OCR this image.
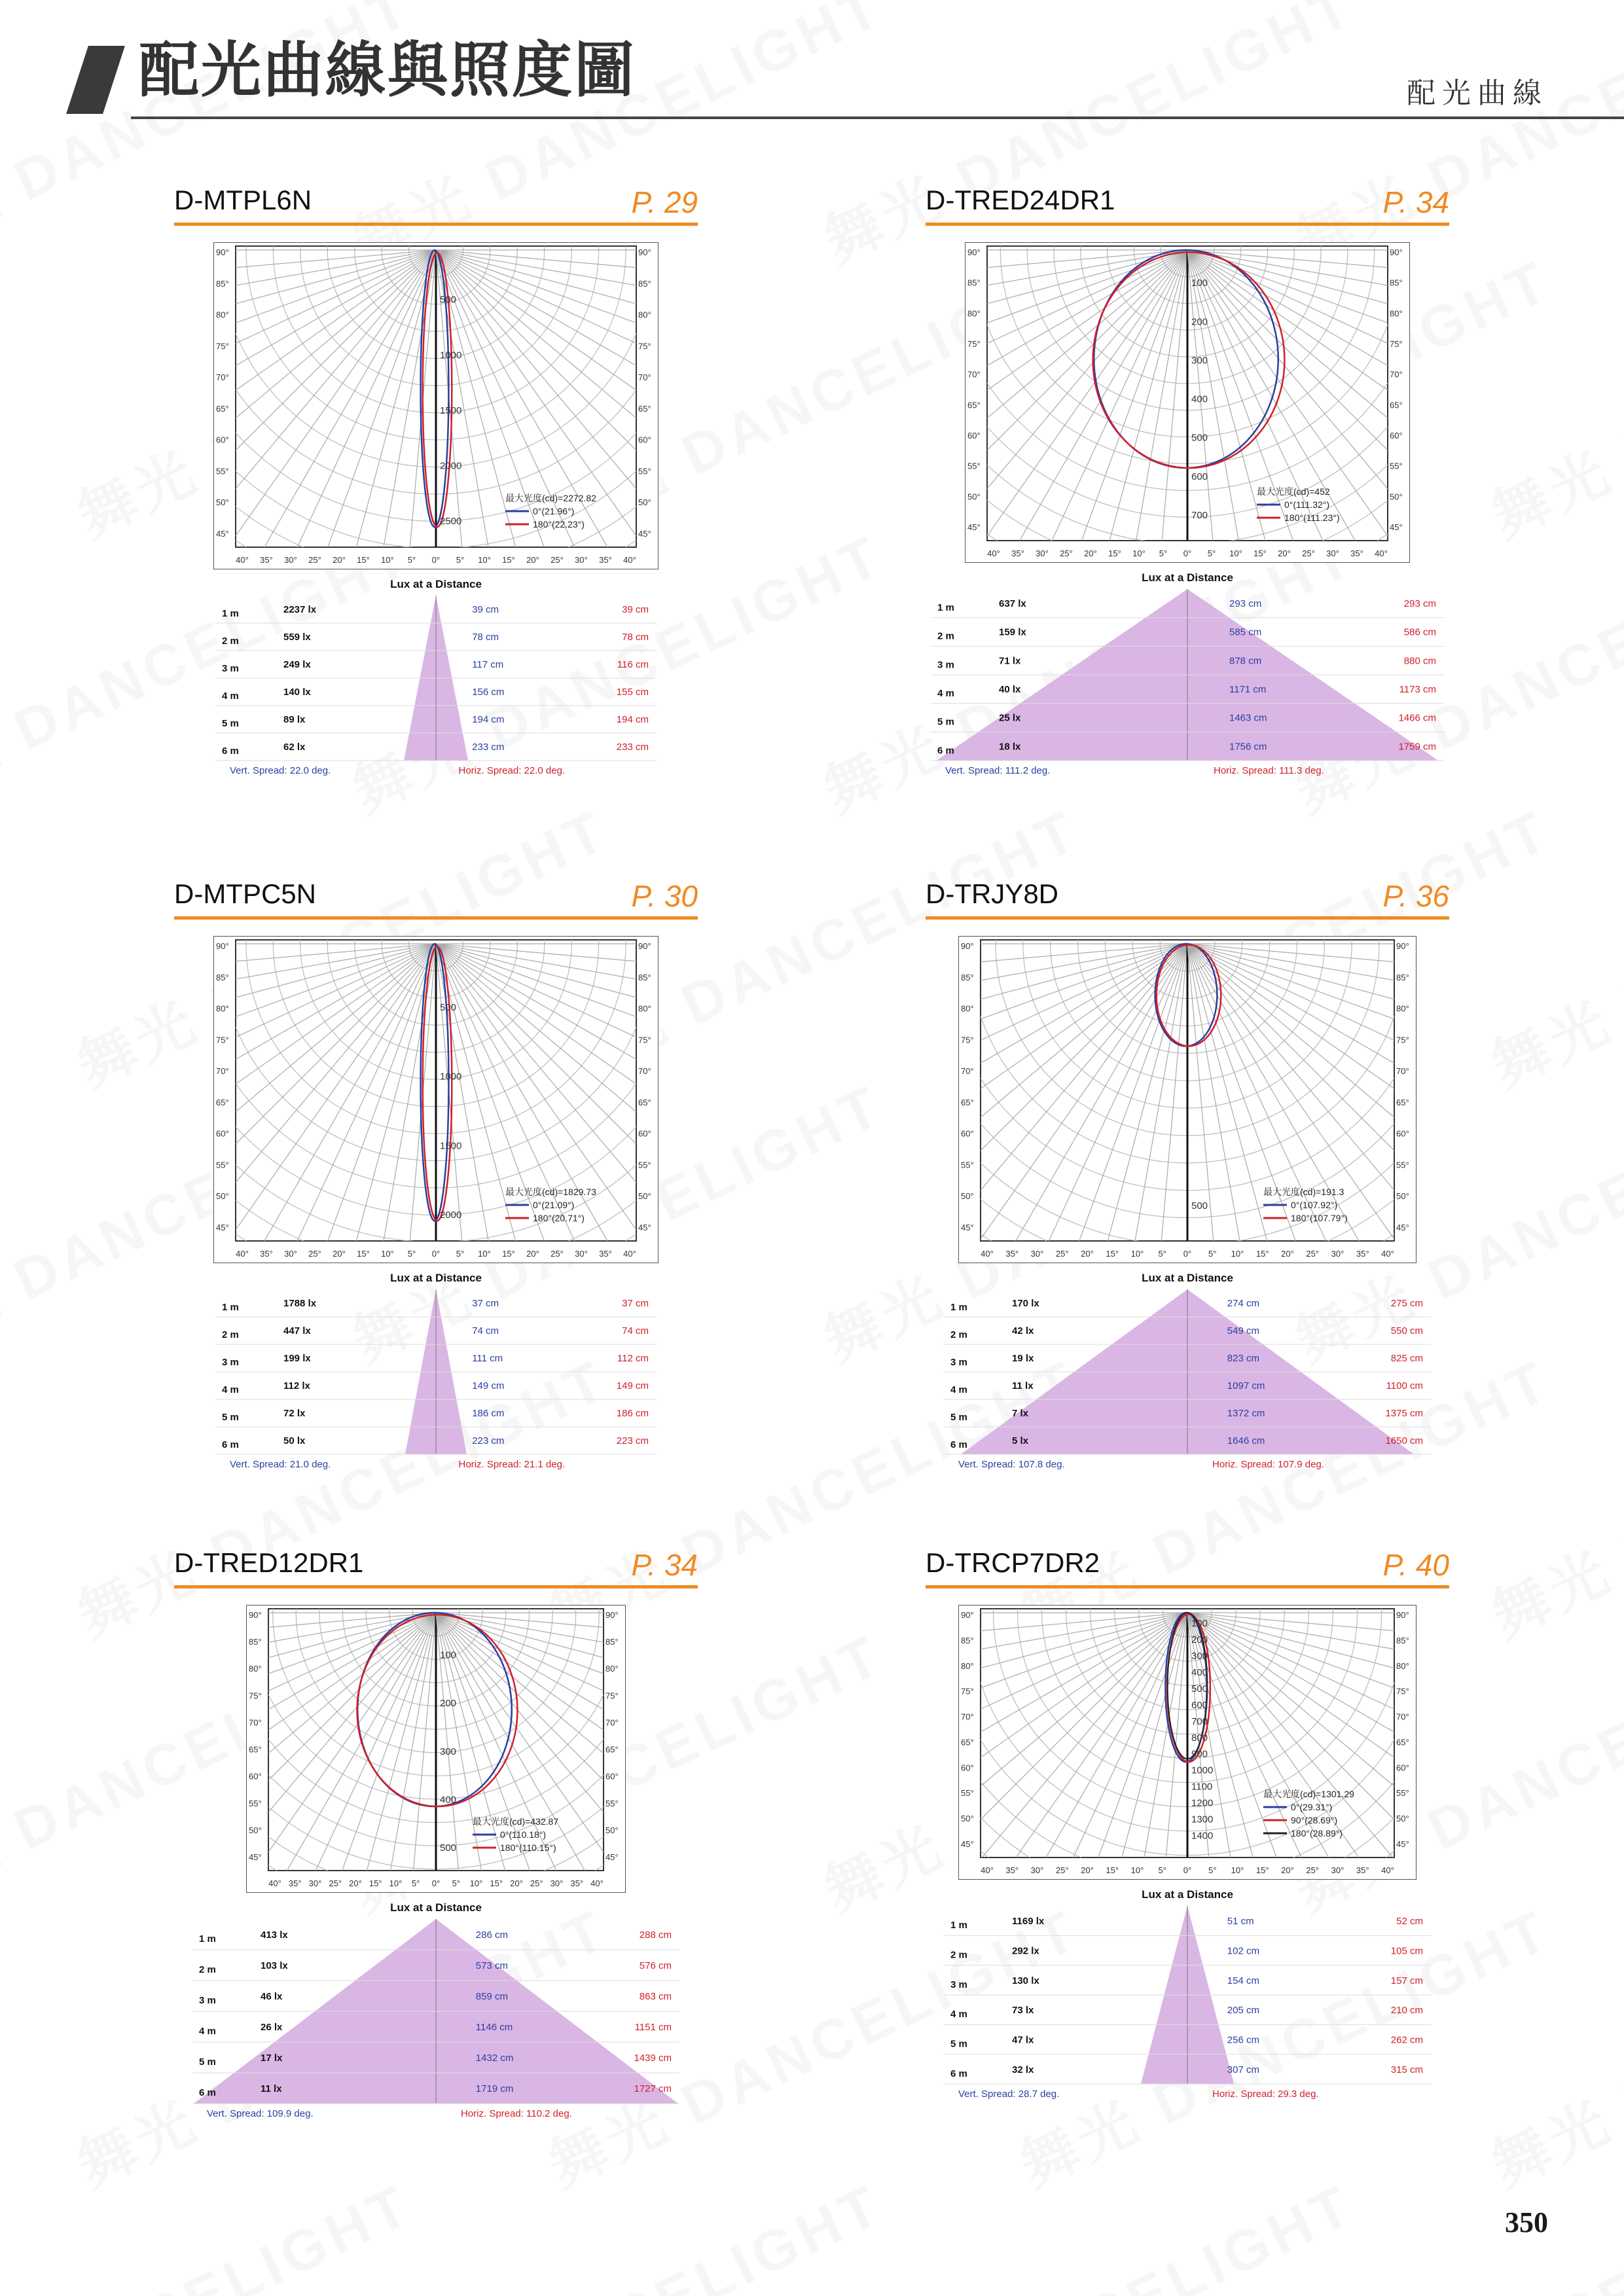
配光曲線與照度圖	配光曲線
D-MTPL6N	P. 29
500
1000
1500
2000
2500
90°	90°
85°	85°
80°	80°
75°	75°
70°	70°
65°	65°
60°	60°
55°	55°
50°	50°
45°	45°
40° 35° 30° 25° 20° 15° 10° 5° 0° 5° 10° 15° 20° 25° 30° 35° 40°
最大光度(cd)=2272.82
0°(21.96°)
180°(22.23°)
Lux at a Distance
1 m	2237 lx	39 cm	39 cm
2 m	559 lx	78 cm	78 cm
3 m	249 lx	117 cm	116 cm
4 m	140 lx	156 cm	155 cm
5 m	89 lx	194 cm	194 cm
6 m	62 lx	233 cm	233 cm
Vert. Spread: 22.0 deg.	Horiz. Spread: 22.0 deg.
D-TRED24DR1	P. 34
100
200
300
400
500
600
700
90°	90°
85°	85°
80°	80°
75°	75°
70°	70°
65°	65°
60°	60°
55°	55°
50°	50°
45°	45°
40° 35° 30° 25° 20° 15° 10° 5° 0° 5° 10° 15° 20° 25° 30° 35° 40°
最大光度(cd)=452
0°(111.32°)
180°(111.23°)
Lux at a Distance
1 m	637 lx	293 cm	293 cm
2 m	159 lx	585 cm	586 cm
3 m	71 lx	878 cm	880 cm
4 m	40 lx	1171 cm	1173 cm
5 m	25 lx	1463 cm	1466 cm
6 m	18 lx	1756 cm	1759 cm
Vert. Spread: 111.2 deg.	Horiz. Spread: 111.3 deg.
D-MTPC5N	P. 30
500
1000
1500
2000
90°	90°
85°	85°
80°	80°
75°	75°
70°	70°
65°	65°
60°	60°
55°	55°
50°	50°
45°	45°
40° 35° 30° 25° 20° 15° 10° 5° 0° 5° 10° 15° 20° 25° 30° 35° 40°
最大光度(cd)=1829.73
0°(21.09°)
180°(20.71°)
Lux at a Distance
1 m	1788 lx	37 cm	37 cm
2 m	447 lx	74 cm	74 cm
3 m	199 lx	111 cm	112 cm
4 m	112 lx	149 cm	149 cm
5 m	72 lx	186 cm	186 cm
6 m	50 lx	223 cm	223 cm
Vert. Spread: 21.0 deg.	Horiz. Spread: 21.1 deg.
D-TRJY8D	P. 36
500
90°	90°
85°	85°
80°	80°
75°	75°
70°	70°
65°	65°
60°	60°
55°	55°
50°	50°
45°	45°
40° 35° 30° 25° 20° 15° 10° 5° 0° 5° 10° 15° 20° 25° 30° 35° 40°
最大光度(cd)=191.3
0°(107.92°)
180°(107.79°)
Lux at a Distance
1 m	170 lx	274 cm	275 cm
2 m	42 lx	549 cm	550 cm
3 m	19 lx	823 cm	825 cm
4 m	11 lx	1097 cm	1100 cm
5 m	7 lx	1372 cm	1375 cm
6 m	5 lx	1646 cm	1650 cm
Vert. Spread: 107.8 deg.	Horiz. Spread: 107.9 deg.
D-TRED12DR1	P. 34
100
200
300
400
500
90°	90°
85°	85°
80°	80°
75°	75°
70°	70°
65°	65°
60°	60°
55°	55°
50°	50°
45°	45°
40° 35° 30° 25° 20° 15° 10° 5° 0° 5° 10° 15° 20° 25° 30° 35° 40°
最大光度(cd)=432.87
0°(110.18°)
180°(110.15°)
Lux at a Distance
1 m	413 lx	286 cm	288 cm
2 m	103 lx	573 cm	576 cm
3 m	46 lx	859 cm	863 cm
4 m	26 lx	1146 cm	1151 cm
5 m	17 lx	1432 cm	1439 cm
6 m	11 lx	1719 cm	1727 cm
Vert. Spread: 109.9 deg.	Horiz. Spread: 110.2 deg.
D-TRCP7DR2	P. 40
100
200
300
400
500
600
700
800
900
1000
1100
1200
1300
1400
90°	90°
85°	85°
80°	80°
75°	75°
70°	70°
65°	65°
60°	60°
55°	55°
50°	50°
45°	45°
40° 35° 30° 25° 20° 15° 10° 5° 0° 5° 10° 15° 20° 25° 30° 35° 40°
最大光度(cd)=1301.29
0°(29.31°)
90°(28.69°)
180°(28.89°)
Lux at a Distance
1 m	1169 lx	51 cm	52 cm
2 m	292 lx	102 cm	105 cm
3 m	130 lx	154 cm	157 cm
4 m	73 lx	205 cm	210 cm
5 m	47 lx	256 cm	262 cm
6 m	32 lx	307 cm	315 cm
Vert. Spread: 28.7 deg.	Horiz. Spread: 29.3 deg.
350
